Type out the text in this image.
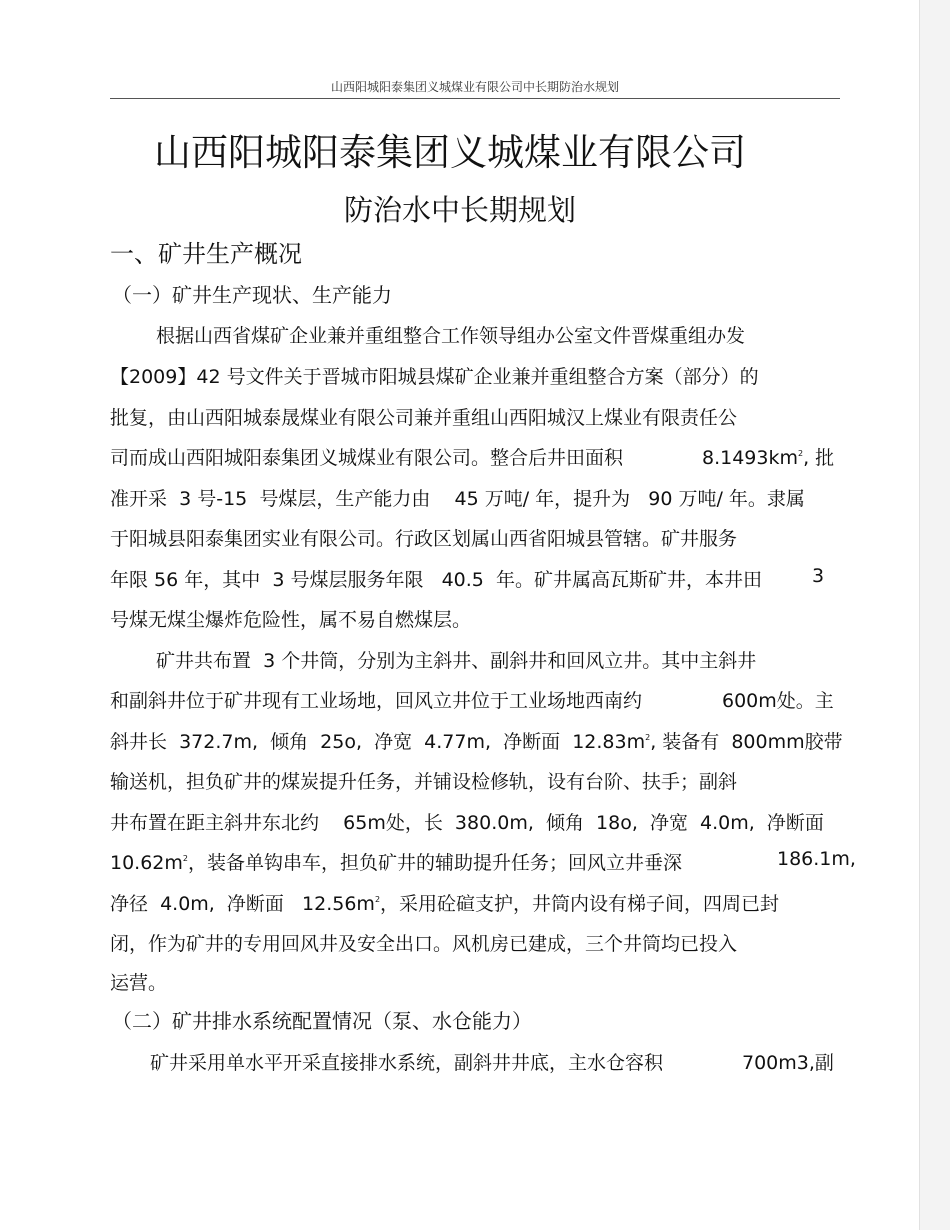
山西阳城阳泰集团义城煤业有限公司中长期防治水规划
山西阳城阳泰集团义城煤业有限公司
防治水中长期规划
一、矿井生产概况
（一）矿井生产现状、生产能力
根据山西省煤矿企业兼并重组整合工作领导组办公室文件晋煤重组办发
【2009】42 号文件关于晋城市阳城县煤矿企业兼并重组整合方案（部分）的
批复，由山西阳城泰晟煤业有限公司兼并重组山西阳城汉上煤业有限责任公
司而成山西阳城阳泰集团义城煤业有限公司。整合后井田面积	$8.1493km^2$, 批
准开采  3 号-15  号煤层，生产能力由    45 万吨/ 年，提升为   90 万吨/ 年。隶属
于阳城县阳泰集团实业有限公司。行政区划属山西省阳城县管辖。矿井服务
年限 56 年，其中  3 号煤层服务年限   40.5  年。矿井属高瓦斯矿井，本井田	3
号煤无煤尘爆炸危险性，属不易自燃煤层。
矿井共布置  3 个井筒，分别为主斜井、副斜井和回风立井。其中主斜井
和副斜井位于矿井现有工业场地，回风立井位于工业场地西南约	600m处。主
斜井长  372.7m,  倾角  25o,  净宽  4.77m,  净断面  $12.83m^2$, 装备有  800mm胶带
输送机，担负矿井的煤炭提升任务，并铺设检修轨，设有台阶、扶手；副斜
井布置在距主斜井东北约    65m处，长  380.0m,  倾角  18o,  净宽  4.0m,  净断面
$10.62m^2$，装备单钩串车，担负矿井的辅助提升任务；回风立井垂深	186.1m,
净径  4.0m,  净断面   $12.56m^2$，采用砼碹支护，井筒内设有梯子间，四周已封
闭，作为矿井的专用回风井及安全出口。风机房已建成，三个井筒均已投入
运营。
（二）矿井排水系统配置情况（泵、水仓能力）
矿井采用单水平开采直接排水系统，副斜井井底，主水仓容积	700m3,副
